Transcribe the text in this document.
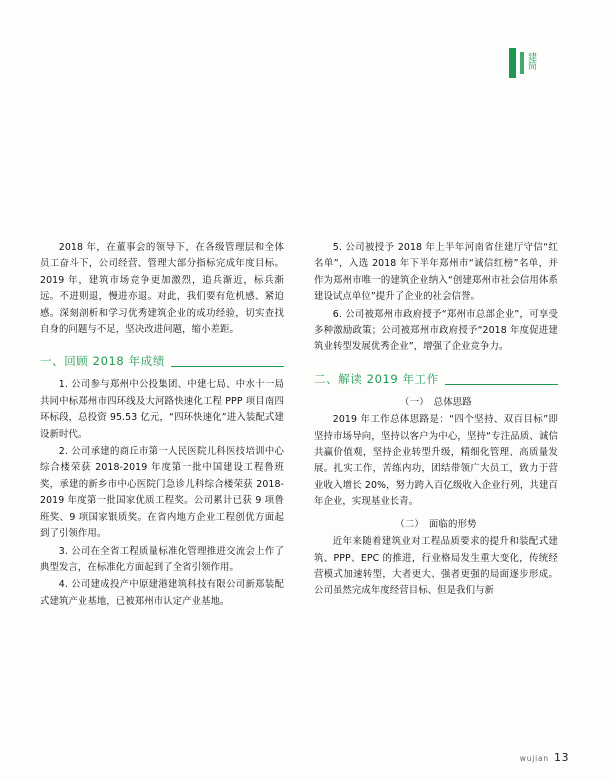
建
简

2018 年，在董事会的领导下，在各级管理层和全体员工奋斗下，公司经营、管理大部分指标完成年度目标。2019 年，建筑市场竞争更加激烈，追兵渐近，标兵渐远。不进则退，慢进亦退。对此，我们要有危机感、紧迫感。深刻剖析和学习优秀建筑企业的成功经验，切实查找自身的问题与不足，坚决改进问题，缩小差距。

一、回顾 2018 年成绩

1. 公司参与郑州中公投集团、中建七局、中水十一局共同中标郑州市四环线及大河路快速化工程 PPP 项目南四环标段，总投资 95.53 亿元，“四环快速化”进入装配式建设新时代。

2. 公司承建的商丘市第一人民医院儿科医技培训中心综合楼荣获 2018-2019 年度第一批中国建设工程鲁班奖，承建的新乡市中心医院门急诊儿科综合楼荣获 2018-2019 年度第一批国家优质工程奖。公司累计已获 9 项鲁班奖、9 项国家银质奖。在省内地方企业工程创优方面起到了引领作用。

3. 公司在全省工程质量标准化管理推进交流会上作了典型发言，在标准化方面起到了全省引领作用。

4. 公司建成投产中原建港建筑科技有限公司新郑装配式建筑产业基地，已被郑州市认定产业基地。

5. 公司被授予 2018 年上半年河南省住建厅守信“红名单”，入选 2018 年下半年郑州市“诚信红榜”名单，并作为郑州市唯一的建筑企业纳入“创建郑州市社会信用体系建设试点单位”提升了企业的社会信誉。

6. 公司被郑州市政府授予“郑州市总部企业”，可享受多种激励政策；公司被郑州市政府授予“2018 年度促进建筑业转型发展优秀企业”，增强了企业竞争力。

二、解读 2019 年工作

（一）　总体思路

2019 年工作总体思路是：“四个坚持、双百目标”即 坚持市场导向，坚持以客户为中心，坚持“专注品质、诚信共赢价值观，坚持企业转型升级，精细化管理、高质量发展。扎实工作，苦练内功，团结带领广大员工，致力于营业收入增长 20%，努力跨入百亿级收入企业行列，共建百年企业，实现基业长青。

（二）　面临的形势

近年来随着建筑业对工程品质要求的提升和装配式建筑、PPP、EPC 的推进，行业格局发生重大变化，传统经营模式加速转型，大者更大、强者更强的局面逐步形成。公司虽然完成年度经营目标、但是我们与新

wujian 13
